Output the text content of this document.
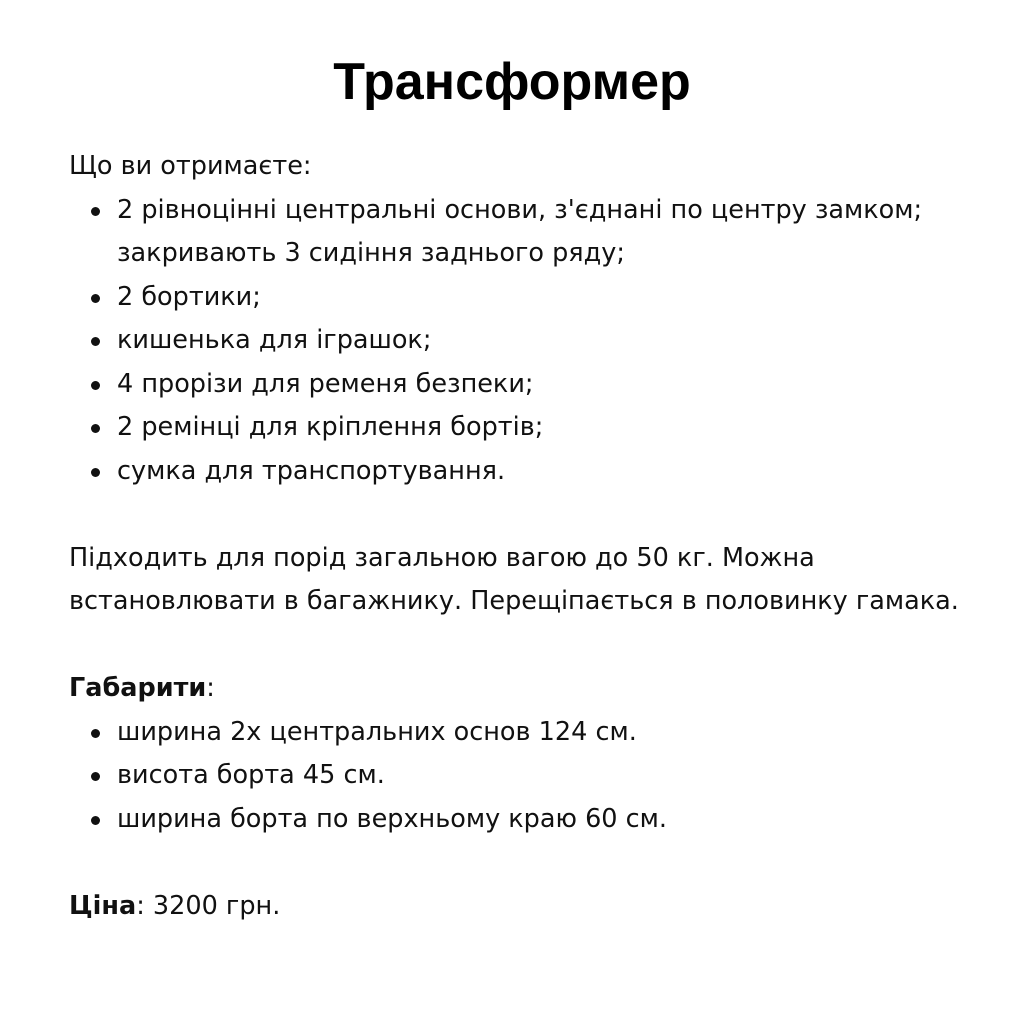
Трансформер

Що ви отримаєте:

2 рівноцінні центральні основи, з'єднані по центру замком; закривають 3 сидіння заднього ряду;
2 бортики;
кишенька для іграшок;
4 прорізи для ременя безпеки;
2 ремінці для кріплення бортів;
сумка для транспортування.

Підходить для порід загальною вагою до 50 кг. Можна встановлювати в багажнику. Перещіпається в половинку гамака.

Габарити:

ширина 2х центральних основ 124 см.
висота борта 45 см.
ширина борта по верхньому краю 60 см.

Ціна: 3200 грн.
